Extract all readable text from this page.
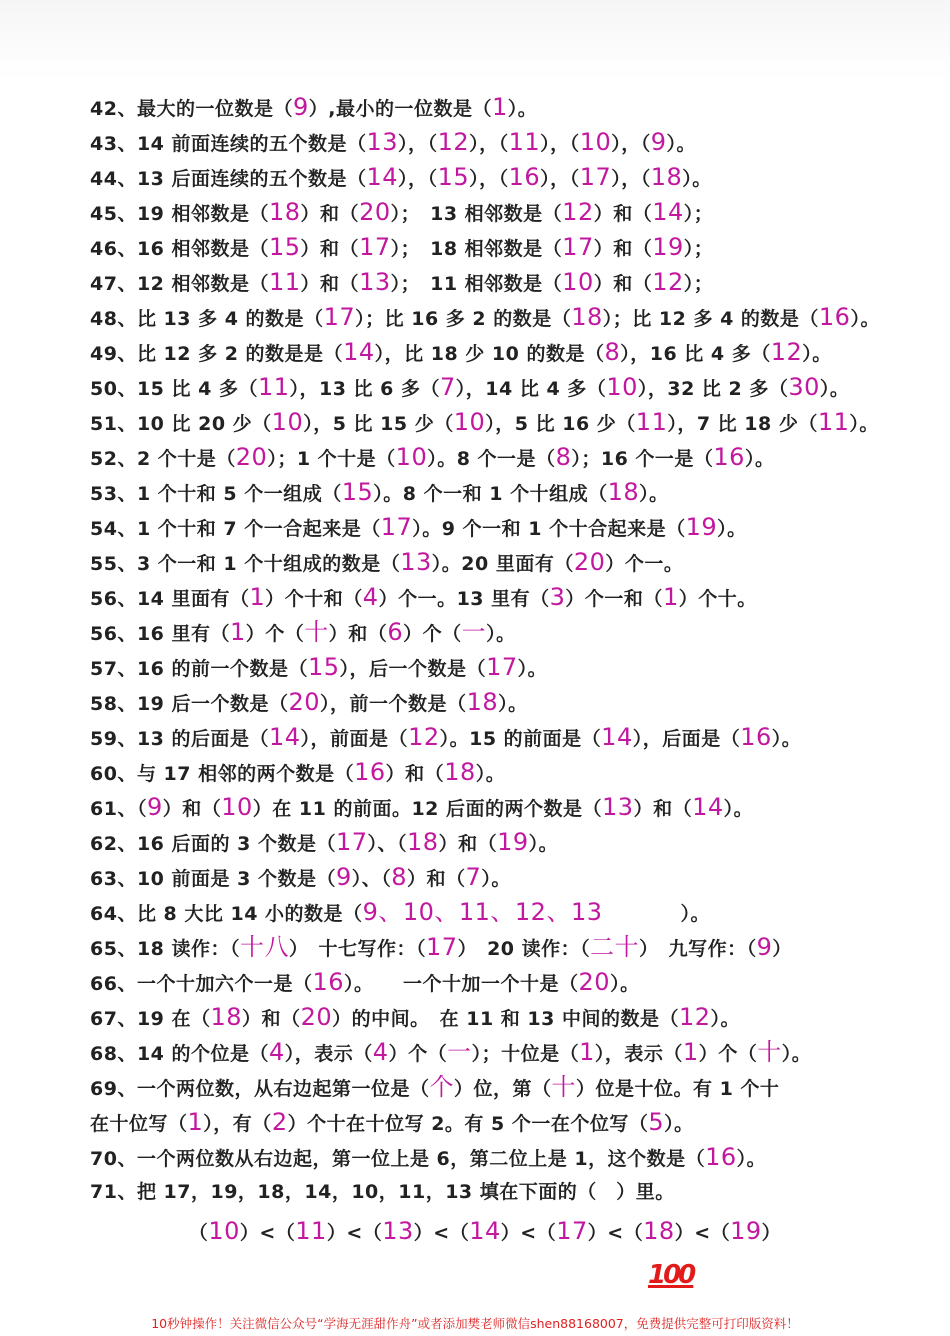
42、最大的一位数是（9）,最小的一位数是（1）。
43、14 前面连续的五个数是（13），（12），（11），（10），（9）。
44、13 后面连续的五个数是（14），（15），（16），（17），（18）。
45、19 相邻数是（18）和（20）；　13 相邻数是（12）和（14）；
46、16 相邻数是（15）和（17）；　18 相邻数是（17）和（19）；
47、12 相邻数是（11）和（13）；　11 相邻数是（10）和（12）；
48、比 13 多 4 的数是（17）；比 16 多 2 的数是（18）；比 12 多 4 的数是（16）。
49、比 12 多 2 的数是是（14），比 18 少 10 的数是（8），16 比 4 多（12）。
50、15 比 4 多（11），13 比 6 多（7），14 比 4 多（10），32 比 2 多（30）。
51、10 比 20 少（10），5 比 15 少（10），5 比 16 少（11），7 比 18 少（11）。
52、2 个十是（20）；1 个十是（10）。8 个一是（8）；16 个一是（16）。
53、1 个十和 5 个一组成（15）。8 个一和 1 个十组成（18）。
54、1 个十和 7 个一合起来是（17）。9 个一和 1 个十合起来是（19）。
55、3 个一和 1 个十组成的数是（13）。20 里面有（20）个一。
56、14 里面有（1）个十和（4）个一。13 里有（3）个一和（1）个十。
56、16 里有（1）个（十）和（6）个（一）。
57、16 的前一个数是（15），后一个数是（17）。
58、19 后一个数是（20），前一个数是（18）。
59、13 的后面是（14），前面是（12）。15 的前面是（14），后面是（16）。
60、与 17 相邻的两个数是（16）和（18）。
61、（9）和（10）在 11 的前面。12 后面的两个数是（13）和（14）。
62、16 后面的 3 个数是（17）、（18）和（19）。
63、10 前面是 3 个数是（9）、（8）和（7）。
64、比 8 大比 14 小的数是（9、10、11、12、13　　　　）。
65、18 读作：（十八）　十七写作：（17）　20 读作：（二十）　九写作：（9）
66、一个十加六个一是（16）。　　一个十加一个十是（20）。
67、19 在（18）和（20）的中间。　在 11 和 13 中间的数是（12）。
68、14 的个位是（4），表示（4）个（一）；十位是（1），表示（1）个（十）。
69、一个两位数，从右边起第一位是（个）位，第（十）位是十位。有 1 个十
在十位写（1），有（2）个十在十位写 2。有 5 个一在个位写（5）。
70、一个两位数从右边起，第一位上是 6，第二位上是 1，这个数是（16）。
71、把 17，19，18，14，10，11，13 填在下面的（　）里。
（10）<（11）<（13）<（14）<（17）<（18）<（19）
100
10秒钟操作！关注微信公众号“学海无涯甜作舟”或者添加樊老师微信shen88168007，免费提供完整可打印版资料！
